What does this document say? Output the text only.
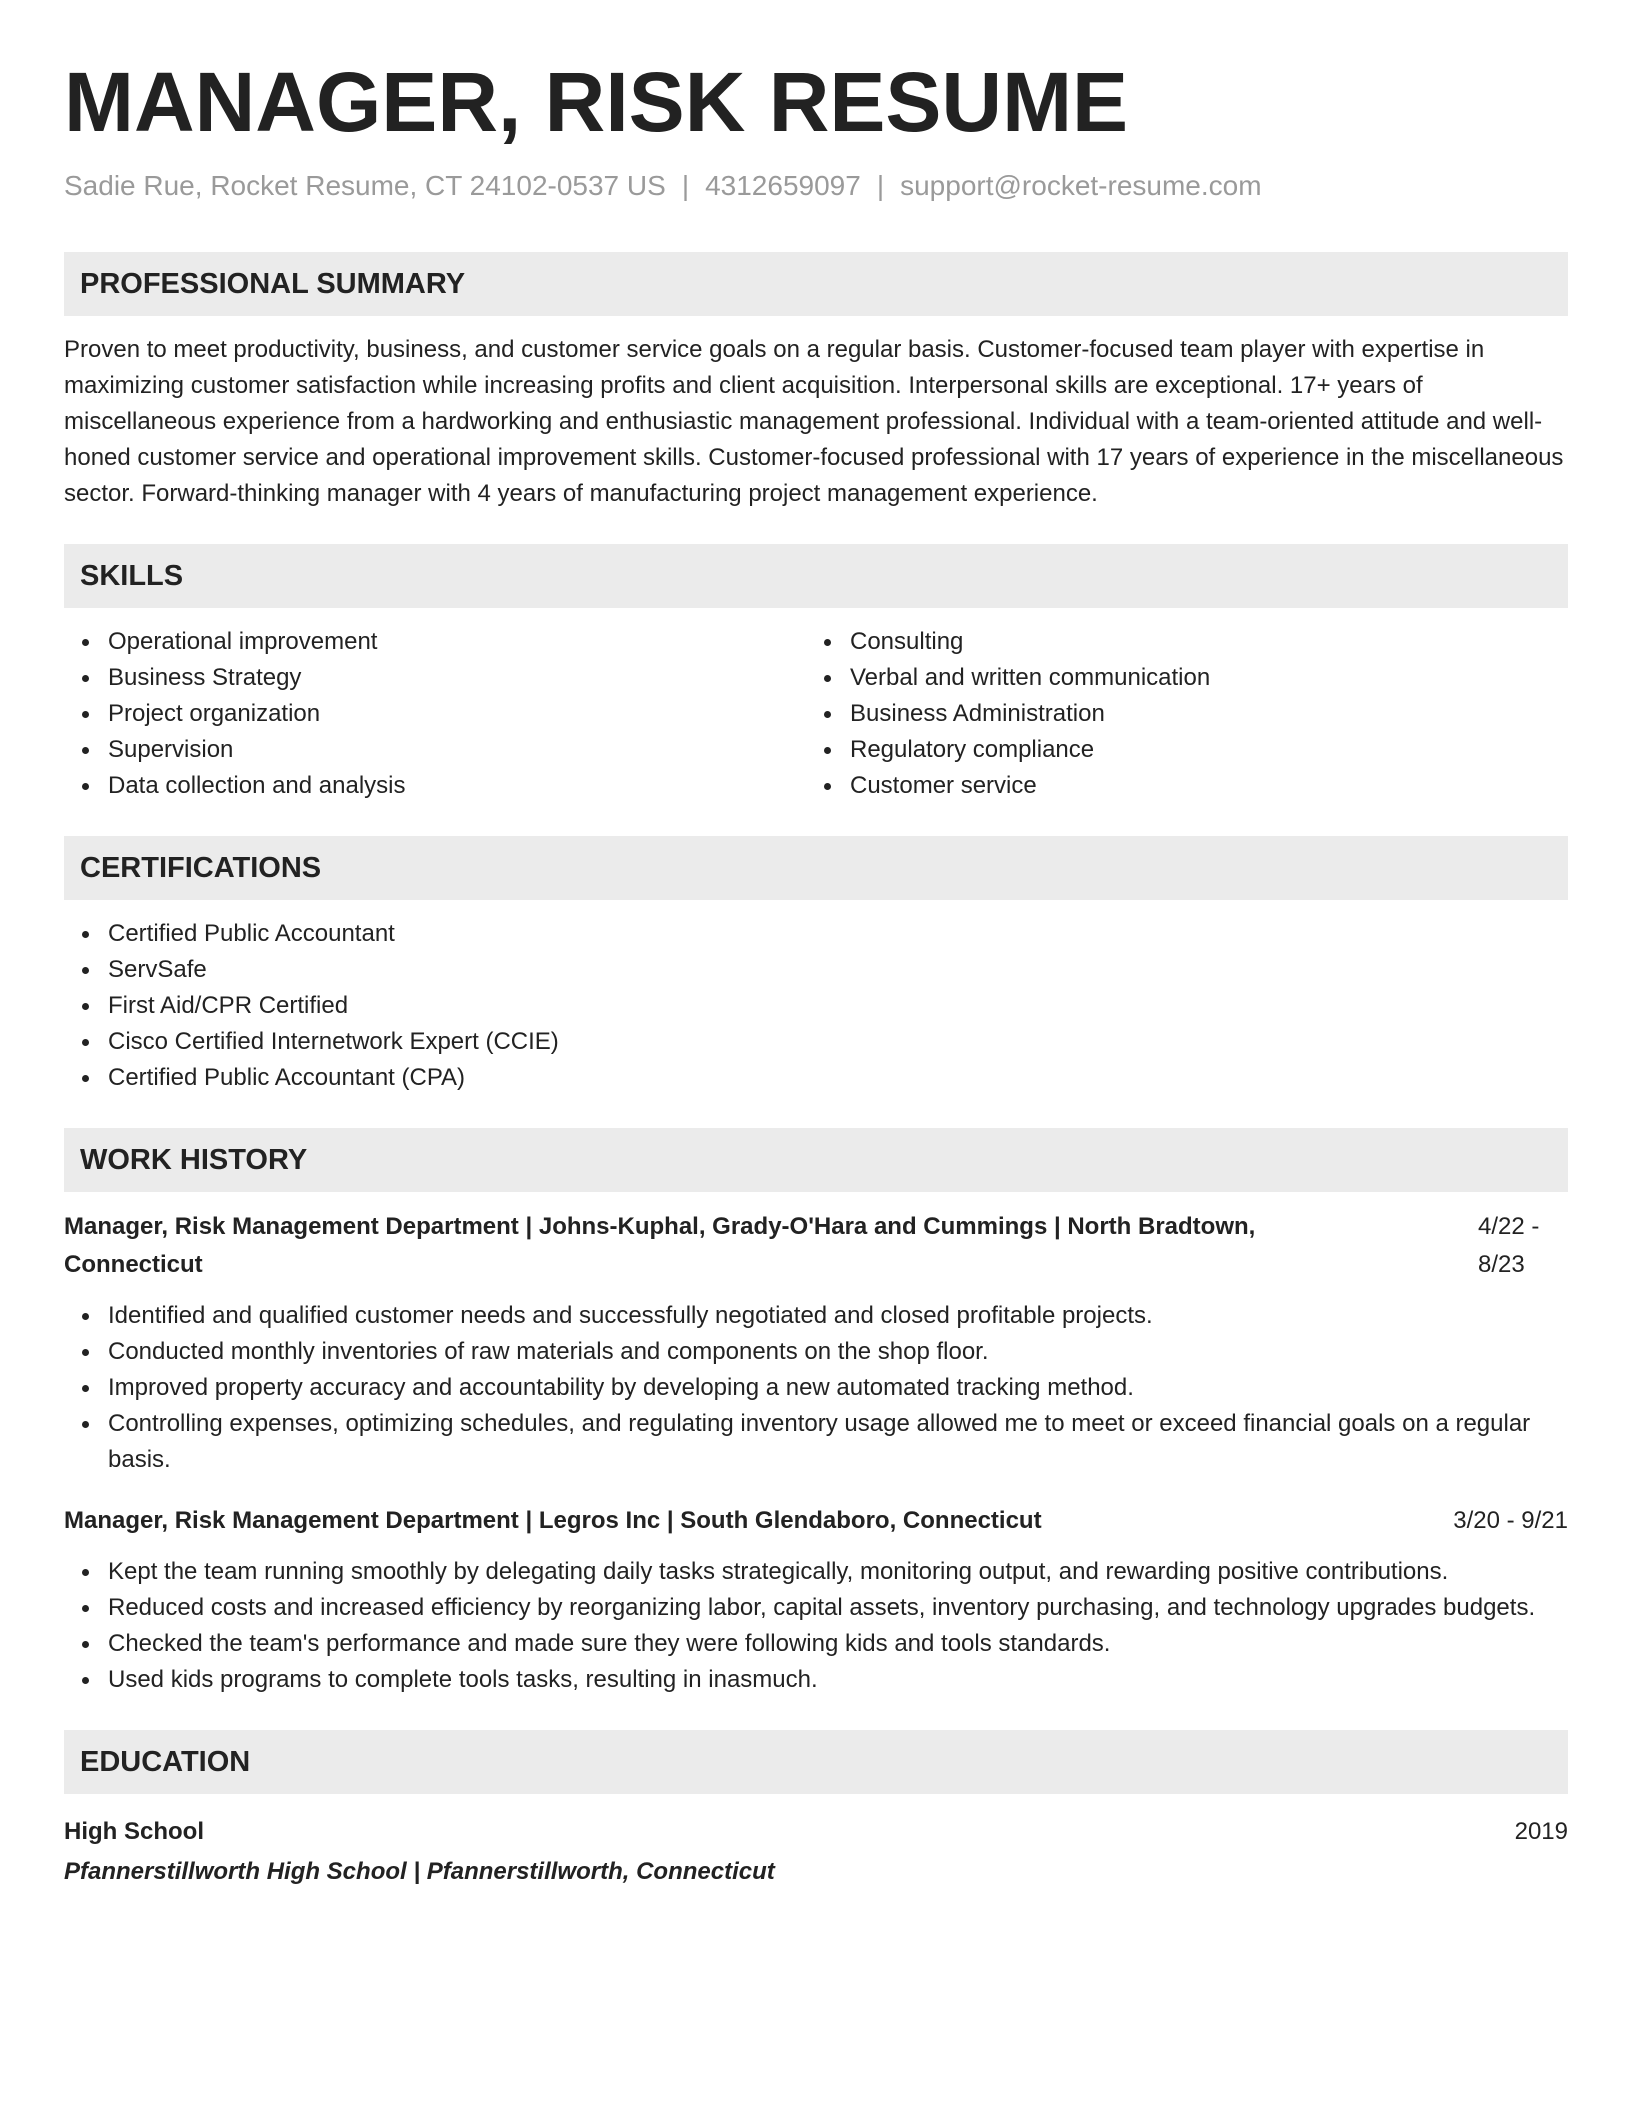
MANAGER, RISK RESUME
Sadie Rue, Rocket Resume, CT 24102-0537 US | 4312659097 | support@rocket-resume.com
PROFESSIONAL SUMMARY
Proven to meet productivity, business, and customer service goals on a regular basis. Customer-focused team player with expertise in maximizing customer satisfaction while increasing profits and client acquisition. Interpersonal skills are exceptional. 17+ years of miscellaneous experience from a hardworking and enthusiastic management professional. Individual with a team-oriented attitude and well-honed customer service and operational improvement skills. Customer-focused professional with 17 years of experience in the miscellaneous sector. Forward-thinking manager with 4 years of manufacturing project management experience.
SKILLS
Operational improvement
Business Strategy
Project organization
Supervision
Data collection and analysis
Consulting
Verbal and written communication
Business Administration
Regulatory compliance
Customer service
CERTIFICATIONS
Certified Public Accountant
ServSafe
First Aid/CPR Certified
Cisco Certified Internetwork Expert (CCIE)
Certified Public Accountant (CPA)
WORK HISTORY
Manager, Risk Management Department | Johns-Kuphal, Grady-O'Hara and Cummings | North Bradtown, Connecticut
4/22 - 8/23
Identified and qualified customer needs and successfully negotiated and closed profitable projects.
Conducted monthly inventories of raw materials and components on the shop floor.
Improved property accuracy and accountability by developing a new automated tracking method.
Controlling expenses, optimizing schedules, and regulating inventory usage allowed me to meet or exceed financial goals on a regular basis.
Manager, Risk Management Department | Legros Inc | South Glendaboro, Connecticut	3/20 - 9/21
Kept the team running smoothly by delegating daily tasks strategically, monitoring output, and rewarding positive contributions.
Reduced costs and increased efficiency by reorganizing labor, capital assets, inventory purchasing, and technology upgrades budgets.
Checked the team's performance and made sure they were following kids and tools standards.
Used kids programs to complete tools tasks, resulting in inasmuch.
EDUCATION
High School	2019
Pfannerstillworth High School | Pfannerstillworth, Connecticut
